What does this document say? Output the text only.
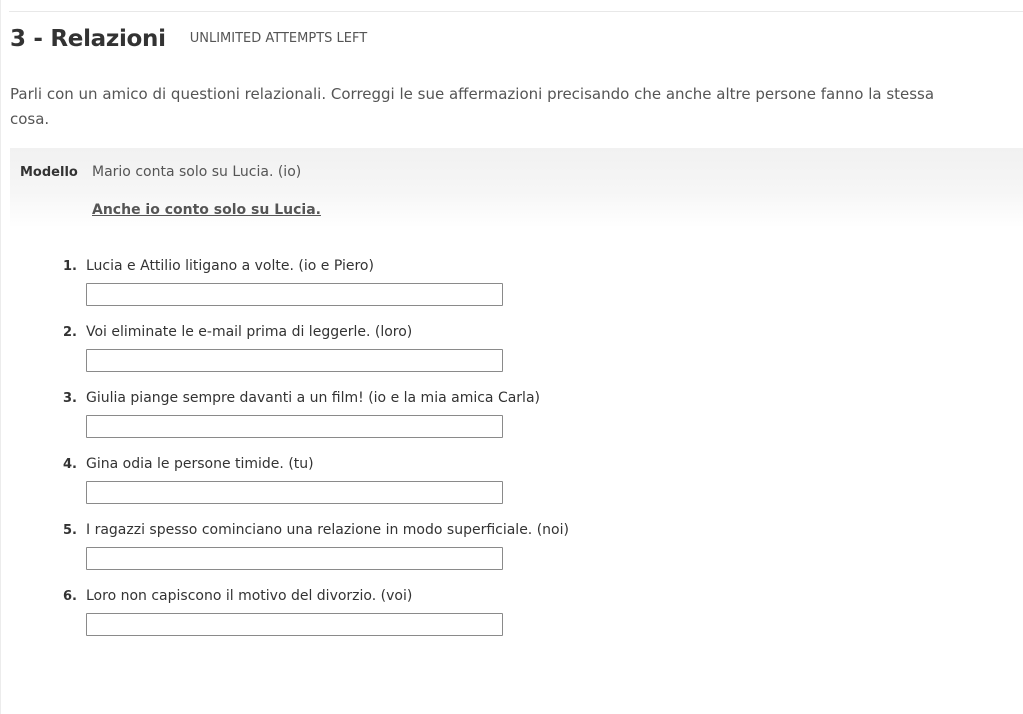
3 - Relazioni UNLIMITED ATTEMPTS LEFT
Parli con un amico di questioni relazionali. Correggi le sue affermazioni precisando che anche altre persone fanno la stessa cosa.
Modello Mario conta solo su Lucia. (io)
Anche io conto solo su Lucia.
1. Lucia e Attilio litigano a volte. (io e Piero)
2. Voi eliminate le e-mail prima di leggerle. (loro)
3. Giulia piange sempre davanti a un film! (io e la mia amica Carla)
4. Gina odia le persone timide. (tu)
5. I ragazzi spesso cominciano una relazione in modo superficiale. (noi)
6. Loro non capiscono il motivo del divorzio. (voi)
